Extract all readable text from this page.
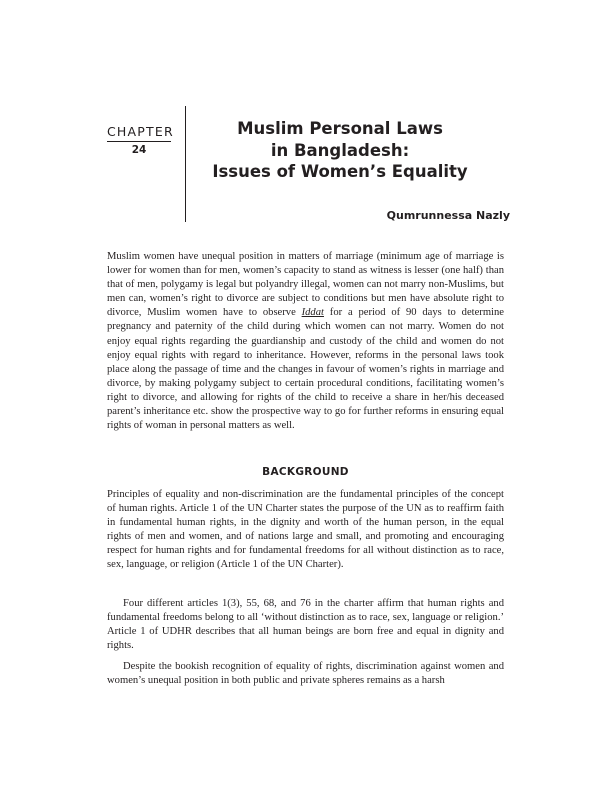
CHAPTER
24
Muslim Personal Laws
in Bangladesh:
Issues of Women’s Equality
Qumrunnessa Nazly

Muslim women have unequal position in matters of marriage (minimum age of marriage is lower for women than for men, women’s capacity to stand as witness is lesser (one half) than that of men, polygamy is legal but polyandry illegal, women can not marry non-Muslims, but men can, women’s right to divorce are subject to conditions but men have absolute right to divorce, Muslim women have to observe Iddat for a period of 90 days to determine pregnancy and paternity of the child during which women can not marry. Women do not enjoy equal rights regarding the guardianship and custody of the child and women do not enjoy equal rights with regard to inheritance. However, reforms in the personal laws took place along the passage of time and the changes in favour of women’s rights in marriage and divorce, by making polygamy subject to certain procedural conditions, facilitating women’s right to divorce, and allowing for rights of the child to receive a share in her/his deceased parent’s inheritance etc. show the prospective way to go for further reforms in ensuring equal rights of woman in personal matters as well.

BACKGROUND
Principles of equality and non-discrimination are the fundamental principles of the concept of human rights. Article 1 of the UN Charter states the purpose of the UN as to reaffirm faith in fundamental human rights, in the dignity and worth of the human person, in the equal rights of men and women, and of nations large and small, and promoting and encouraging respect for human rights and for fundamental freedoms for all without distinction as to race, sex, language, or religion (Article 1 of the UN Charter).
Four different articles 1(3), 55, 68, and 76 in the charter affirm that human rights and fundamental freedoms belong to all ‘without distinction as to race, sex, language or religion.’ Article 1 of UDHR describes that all human beings are born free and equal in dignity and rights.
Despite the bookish recognition of equality of rights, discrimination against women and women’s unequal position in both public and private spheres remains as a harsh
